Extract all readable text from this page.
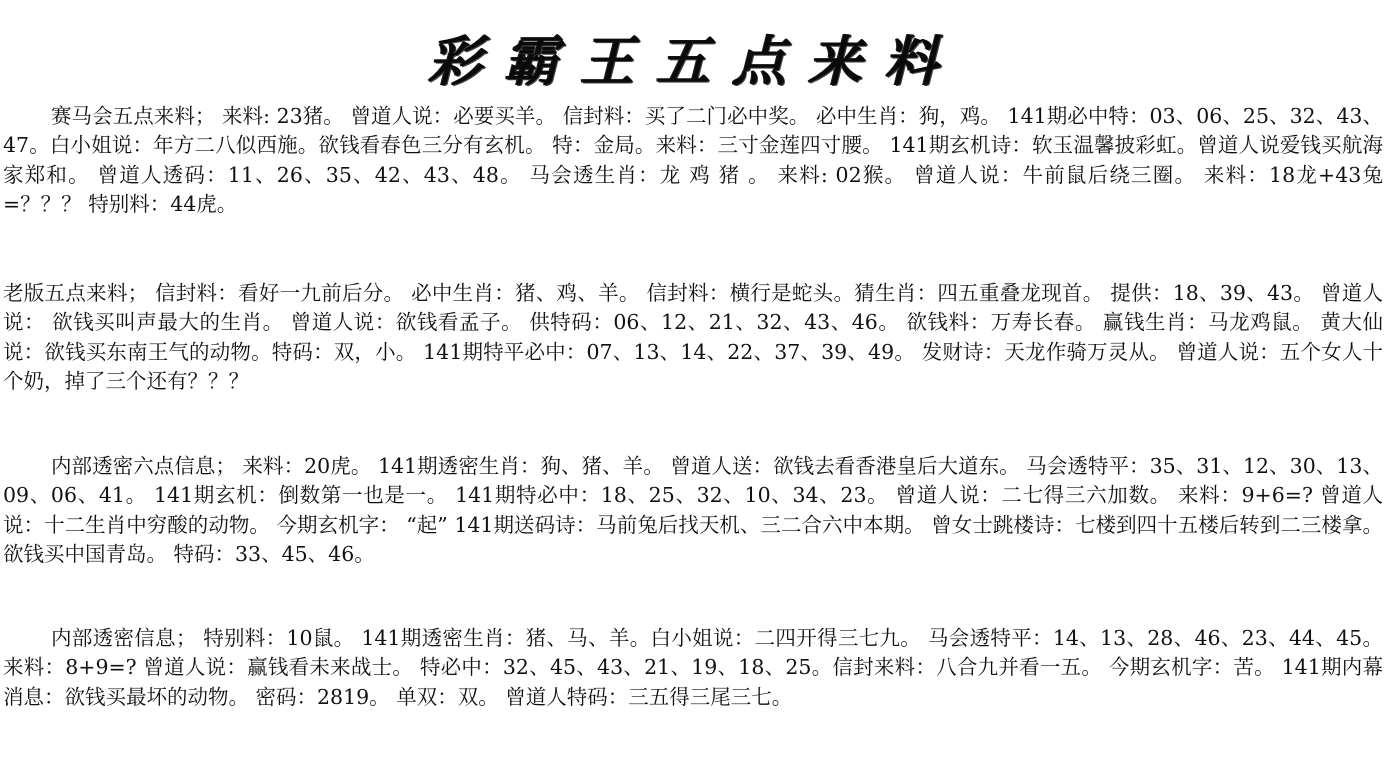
彩霸王五点来料
赛马会五点来料； 来料: 23猪。 曾道人说：必要买羊。 信封料：买了二门必中奖。 必中生肖：狗，鸡。 141期必中特：03、06、25、32、43、47。白小姐说：年方二八似西施。欲钱看春色三分有玄机。 特：金局。来料：三寸金莲四寸腰。 141期玄机诗：软玉温馨披彩虹。曾道人说爱钱买航海家郑和。 曾道人透码：11、26、35、42、43、48。 马会透生肖：龙 鸡 猪 。 来料: 02猴。 曾道人说：牛前鼠后绕三圈。 来料：18龙+43兔=？？？ 特别料：44虎。
老版五点来料； 信封料：看好一九前后分。 必中生肖：猪、鸡、羊。 信封料：横行是蛇头。猜生肖：四五重叠龙现首。 提供：18、39、43。 曾道人说： 欲钱买叫声最大的生肖。 曾道人说：欲钱看孟子。 供特码：06、12、21、32、43、46。 欲钱料：万寿长春。 赢钱生肖：马龙鸡鼠。 黄大仙说：欲钱买东南王气的动物。特码：双，小。 141期特平必中：07、13、14、22、37、39、49。 发财诗：天龙作骑万灵从。 曾道人说：五个女人十个奶，掉了三个还有？？？
内部透密六点信息； 来料：20虎。 141期透密生肖：狗、猪、羊。 曾道人送：欲钱去看香港皇后大道东。 马会透特平：35、31、12、30、13、09、06、41。 141期玄机：倒数第一也是一。 141期特必中：18、25、32、10、34、23。 曾道人说：二七得三六加数。 来料：9+6=? 曾道人说：十二生肖中穷酸的动物。 今期玄机字： “起” 141期送码诗：马前兔后找天机、三二合六中本期。 曾女士跳楼诗：七楼到四十五楼后转到二三楼拿。 欲钱买中国青岛。 特码：33、45、46。
内部透密信息； 特别料：10鼠。 141期透密生肖：猪、马、羊。白小姐说：二四开得三七九。 马会透特平：14、13、28、46、23、44、45。来料：8+9=? 曾道人说：赢钱看未来战士。 特必中：32、45、43、21、19、18、25。信封来料：八合九并看一五。 今期玄机字：苦。 141期内幕消息：欲钱买最坏的动物。 密码：2819。 单双：双。 曾道人特码：三五得三尾三七。
